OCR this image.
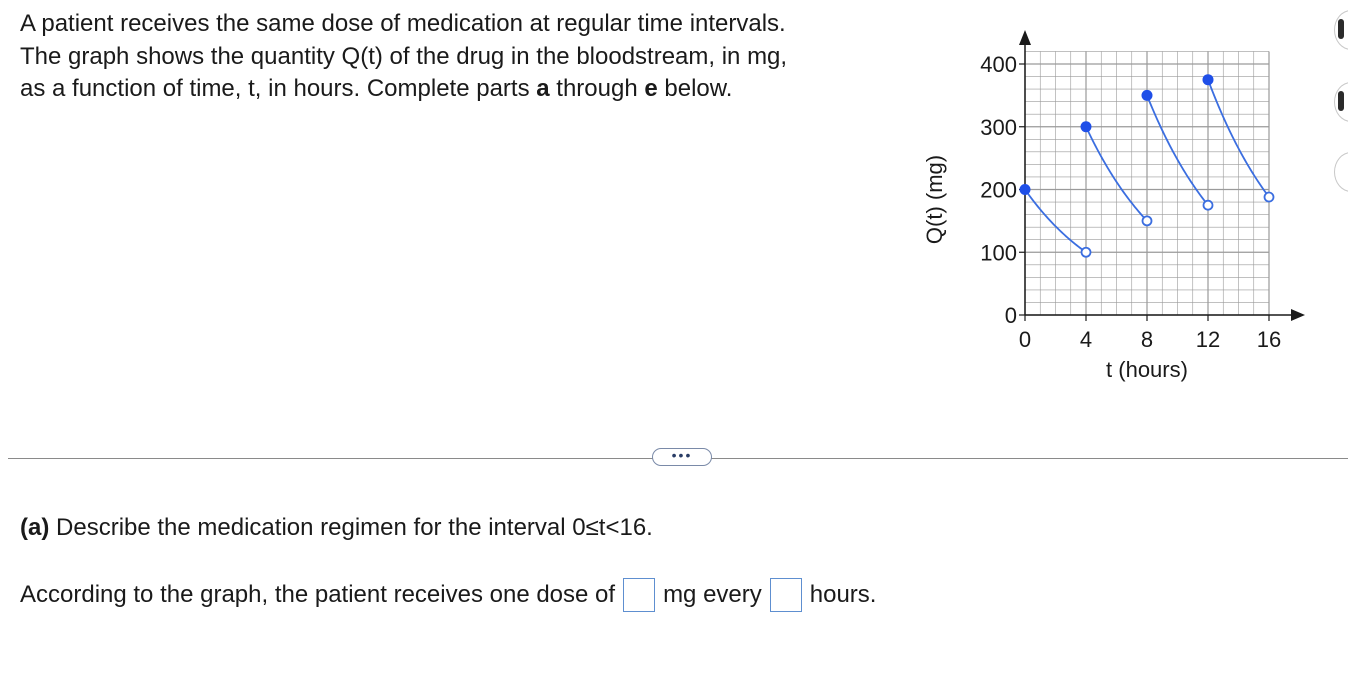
A patient receives the same dose of medication at regular time intervals.
The graph shows the quantity Q(t) of the drug in the bloodstream, in mg,
as a function of time, t, in hours. Complete parts a through e below.
0
100
200
300
400
0 4 8 12 16
t (hours)
Q(t) (mg)
•••
(a) Describe the medication regimen for the interval 0≤t<16.
According to the graph, the patient receives one dose of mg every hours.
